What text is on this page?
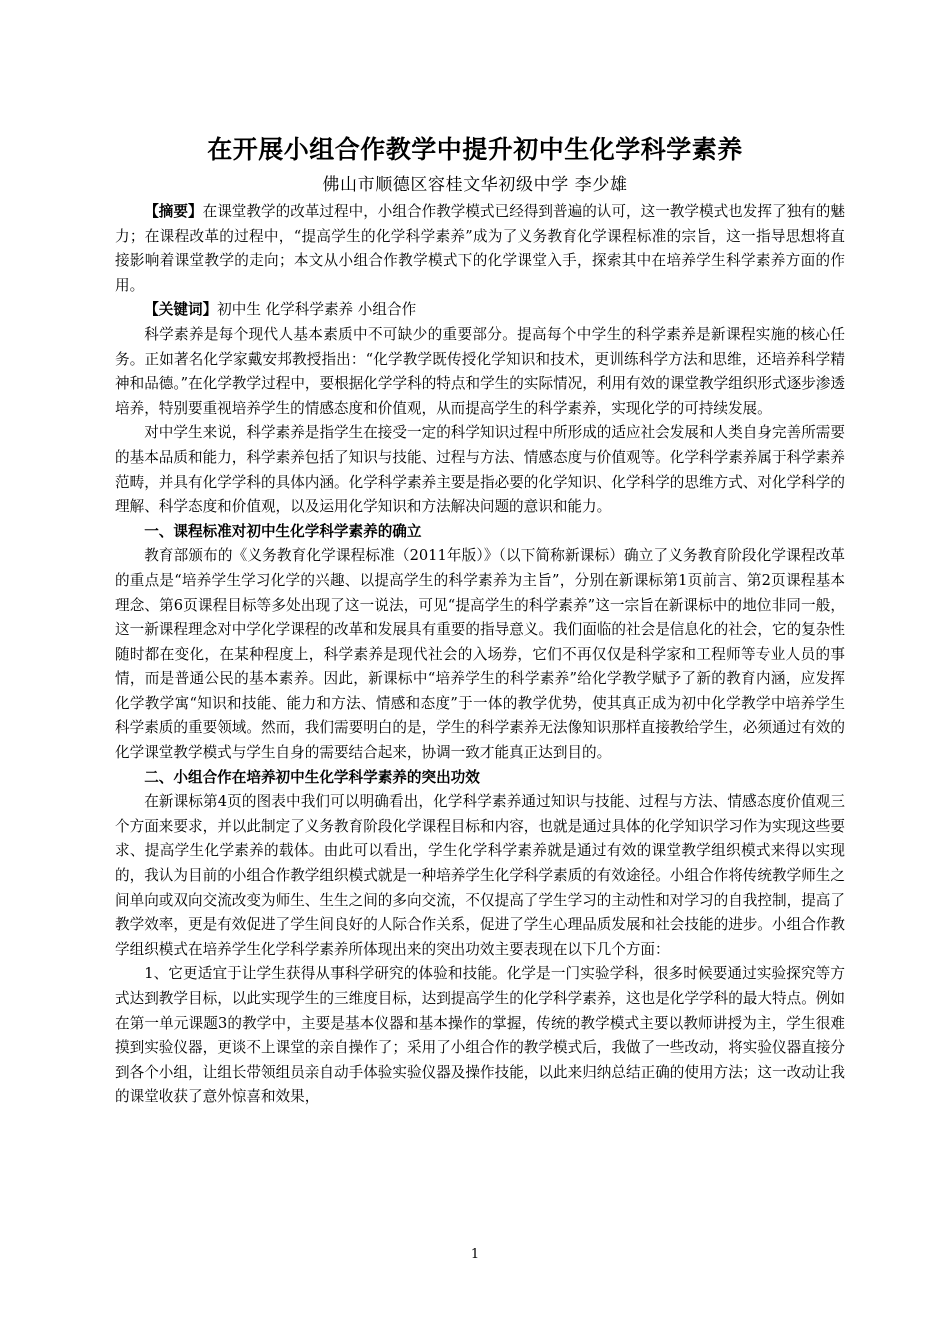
在开展小组合作教学中提升初中生化学科学素养
佛山市顺德区容桂文华初级中学 李少雄

【摘要】在课堂教学的改革过程中，小组合作教学模式已经得到普遍的认可，这一教学模式也发挥了独有的魅力；在课程改革的过程中，“提高学生的化学科学素养”成为了义务教育化学课程标准的宗旨，这一指导思想将直接影响着课堂教学的走向；本文从小组合作教学模式下的化学课堂入手，探索其中在培养学生科学素养方面的作用。

【关键词】初中生 化学科学素养 小组合作

科学素养是每个现代人基本素质中不可缺少的重要部分。提高每个中学生的科学素养是新课程实施的核心任务。正如著名化学家戴安邦教授指出：“化学教学既传授化学知识和技术，更训练科学方法和思维，还培养科学精神和品德。”在化学教学过程中，要根据化学学科的特点和学生的实际情况，利用有效的课堂教学组织形式逐步渗透培养，特别要重视培养学生的情感态度和价值观，从而提高学生的科学素养，实现化学的可持续发展。

对中学生来说，科学素养是指学生在接受一定的科学知识过程中所形成的适应社会发展和人类自身完善所需要的基本品质和能力，科学素养包括了知识与技能、过程与方法、情感态度与价值观等。化学科学素养属于科学素养范畴，并具有化学学科的具体内涵。化学科学素养主要是指必要的化学知识、化学科学的思维方式、对化学科学的理解、科学态度和价值观，以及运用化学知识和方法解决问题的意识和能力。

一、课程标准对初中生化学科学素养的确立

教育部颁布的《义务教育化学课程标准（2011年版）》（以下简称新课标）确立了义务教育阶段化学课程改革的重点是“培养学生学习化学的兴趣、以提高学生的科学素养为主旨”，分别在新课标第1页前言、第2页课程基本理念、第6页课程目标等多处出现了这一说法，可见“提高学生的科学素养”这一宗旨在新课标中的地位非同一般，这一新课程理念对中学化学课程的改革和发展具有重要的指导意义。我们面临的社会是信息化的社会，它的复杂性随时都在变化，在某种程度上，科学素养是现代社会的入场券，它们不再仅仅是科学家和工程师等专业人员的事情，而是普通公民的基本素养。因此，新课标中“培养学生的科学素养”给化学教学赋予了新的教育内涵，应发挥化学教学寓“知识和技能、能力和方法、情感和态度”于一体的教学优势，使其真正成为初中化学教学中培养学生科学素质的重要领域。然而，我们需要明白的是，学生的科学素养无法像知识那样直接教给学生，必须通过有效的化学课堂教学模式与学生自身的需要结合起来，协调一致才能真正达到目的。

二、小组合作在培养初中生化学科学素养的突出功效

在新课标第4页的图表中我们可以明确看出，化学科学素养通过知识与技能、过程与方法、情感态度价值观三个方面来要求，并以此制定了义务教育阶段化学课程目标和内容，也就是通过具体的化学知识学习作为实现这些要求、提高学生化学素养的载体。由此可以看出，学生化学科学素养就是通过有效的课堂教学组织模式来得以实现的，我认为目前的小组合作教学组织模式就是一种培养学生化学科学素质的有效途径。小组合作将传统教学师生之间单向或双向交流改变为师生、生生之间的多向交流，不仅提高了学生学习的主动性和对学习的自我控制，提高了教学效率，更是有效促进了学生间良好的人际合作关系，促进了学生心理品质发展和社会技能的进步。小组合作教学组织模式在培养学生化学科学素养所体现出来的突出功效主要表现在以下几个方面：

1、它更适宜于让学生获得从事科学研究的体验和技能。化学是一门实验学科，很多时候要通过实验探究等方式达到教学目标，以此实现学生的三维度目标，达到提高学生的化学科学素养，这也是化学学科的最大特点。例如在第一单元课题3的教学中，主要是基本仪器和基本操作的掌握，传统的教学模式主要以教师讲授为主，学生很难摸到实验仪器，更谈不上课堂的亲自操作了；采用了小组合作的教学模式后，我做了一些改动，将实验仪器直接分到各个小组，让组长带领组员亲自动手体验实验仪器及操作技能，以此来归纳总结正确的使用方法；这一改动让我的课堂收获了意外惊喜和效果，

1
